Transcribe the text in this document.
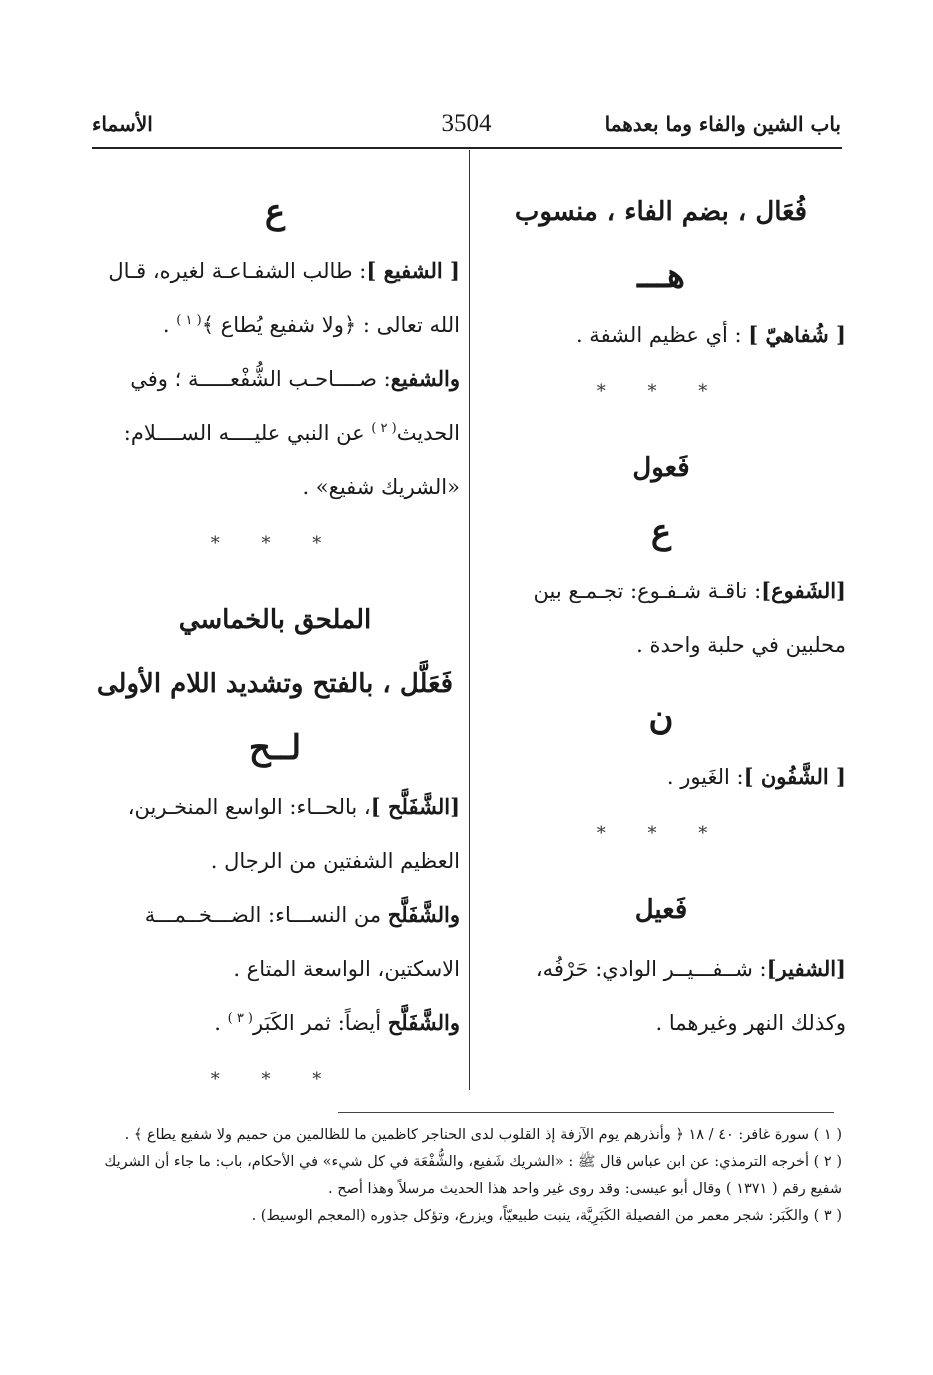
باب الشين والفاء وما بعدهما
3504
الأسماء
فُعَال ، بضم الفاء ، منسوب
هـــ

[ شُفاهيّ ] : أي عظيم الشفة .

* * *
فَعول
ع

[الشَفوع]: ناقـة شـفـوع: تجـمـع بين محلبين في حلبة واحدة .

ن

[ الشَّفُون ]: الغَيور .

* * *
فَعيل

[الشفير]: شــفـــيــر الوادي: حَرْفُه، وكذلك النهر وغيرهما .

ع

[ الشفيع ]: طالب الشفـاعـة لغيره، قـال الله تعالى : ﴿ولا شفيع يُطاع ﴾$^{( ١ )}$ .

والشفيع: صــــاحـب الشُّفْعـــــة ؛ وفي الحديث$^{( ٢ )}$ عن النبي عليــــه الســــلام: «الشريك شفيع» .

* * *
الملحق بالخماسي
فَعَلَّل ، بالفتح وتشديد اللام الأولى
لــح

[الشَّفَلَّح ]، بالحــاء: الواسع المنخـرين، العظيم الشفتين من الرجال .

والشَّفَلَّح من النســـاء: الضـــخــمـــة الاسكتين، الواسعة المتاع .

والشَّفَلَّح أيضاً: ثمر الكَبَر$^{( ٣ )}$ .

* * *

( ١ ) سورة غافر: ٤٠ / ١٨ ﴿ وأنذرهم يوم الآزفة إذ القلوب لدى الحناجر كاظمين ما للظالمين من حميم ولا شفيع يطاع ﴾ .

( ٢ ) أخرجه الترمذي: عن ابن عباس قال ﷺ : «الشريك شَفيع، والشُّفْعَة في كل شيء» في الأحكام، باب: ما جاء أن الشريك شفيع رقم ( ١٣٧١ ) وقال أبو عيسى: وقد روى غير واحد هذا الحديث مرسلاً وهذا أصح .

( ٣ ) والكَبَر: شجر معمر من الفصيلة الكَبَرِيَّة، ينبت طبيعيّاً، ويزرع، وتؤكل جذوره (المعجم الوسيط) .
